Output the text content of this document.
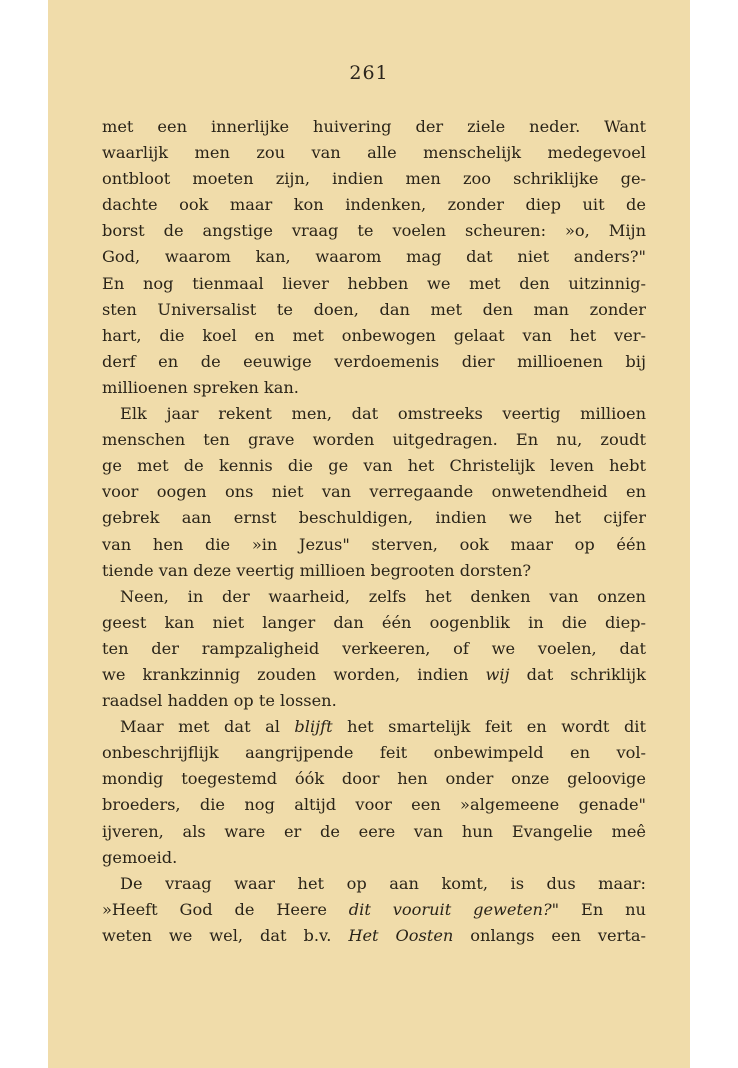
261
met een innerlijke huivering der ziele neder. Want
waarlijk men zou van alle menschelijk medegevoel
ontbloot moeten zijn, indien men zoo schriklijke ge-
dachte ook maar kon indenken, zonder diep uit de
borst de angstige vraag te voelen scheuren: »o, Mijn
God, waarom kan, waarom mag dat niet anders?"
En nog tienmaal liever hebben we met den uitzinnig-
sten Universalist te doen, dan met den man zonder
hart, die koel en met onbewogen gelaat van het ver-
derf en de eeuwige verdoemenis dier millioenen bij
millioenen spreken kan.
Elk jaar rekent men, dat omstreeks veertig millioen
menschen ten grave worden uitgedragen. En nu, zoudt
ge met de kennis die ge van het Christelijk leven hebt
voor oogen ons niet van verregaande onwetendheid en
gebrek aan ernst beschuldigen, indien we het cijfer
van hen die »in Jezus" sterven, ook maar op één
tiende van deze veertig millioen begrooten dorsten?
Neen, in der waarheid, zelfs het denken van onzen
geest kan niet langer dan één oogenblik in die diep-
ten der rampzaligheid verkeeren, of we voelen, dat
we krankzinnig zouden worden, indien wij dat schriklijk
raadsel hadden op te lossen.
Maar met dat al blijft het smartelijk feit en wordt dit
onbeschrijflijk aangrijpende feit onbewimpeld en vol-
mondig toegestemd óók door hen onder onze geloovige
broeders, die nog altijd voor een »algemeene genade"
ijveren, als ware er de eere van hun Evangelie meê
gemoeid.
De vraag waar het op aan komt, is dus maar:
»Heeft God de Heere dit vooruit geweten?" En nu
weten we wel, dat b.v. Het Oosten onlangs een verta-
